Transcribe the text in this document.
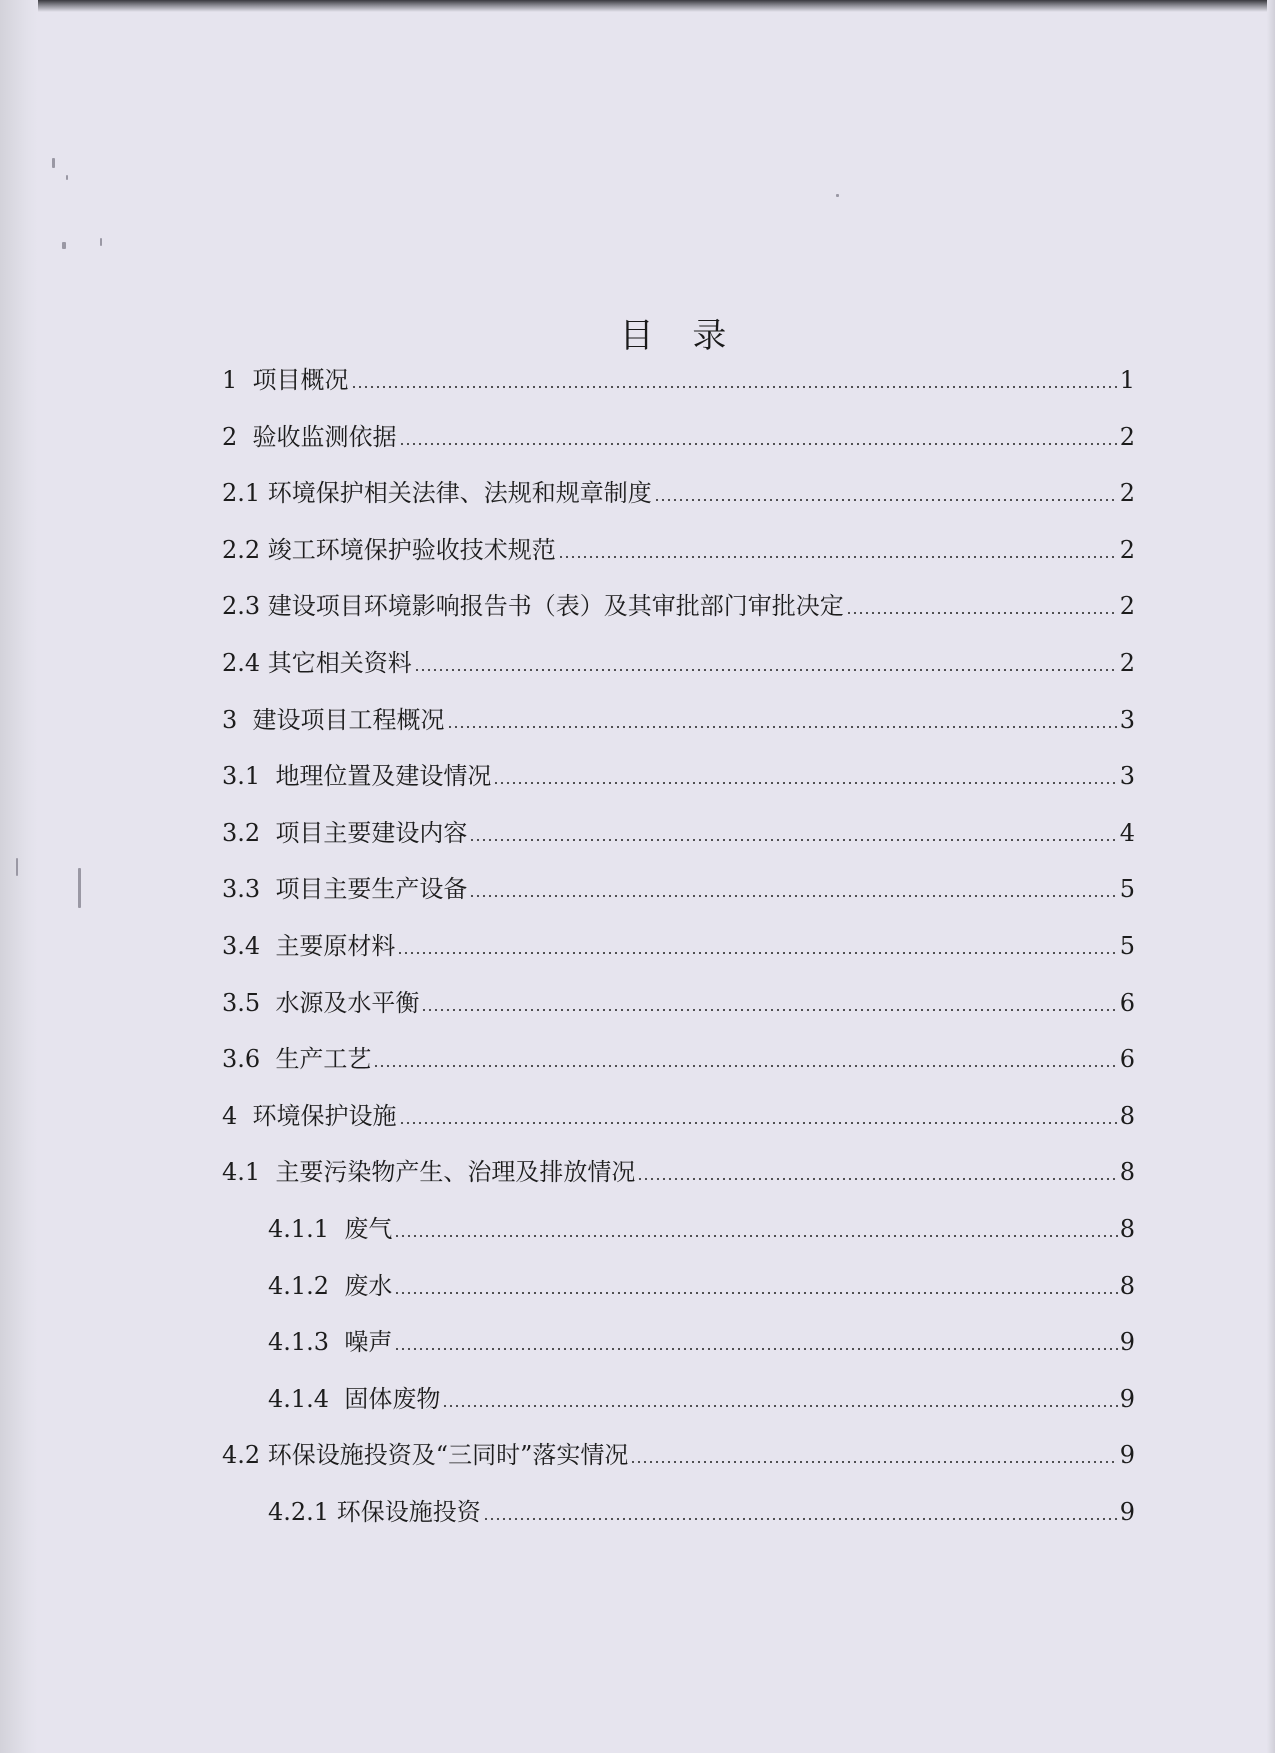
目 录
1 项目概况	1
2 验收监测依据	2
2.1 环境保护相关法律、法规和规章制度	2
2.2 竣工环境保护验收技术规范	2
2.3 建设项目环境影响报告书（表）及其审批部门审批决定	2
2.4 其它相关资料	2
3 建设项目工程概况	3
3.1 地理位置及建设情况	3
3.2 项目主要建设内容	4
3.3 项目主要生产设备	5
3.4 主要原材料	5
3.5 水源及水平衡	6
3.6 生产工艺	6
4 环境保护设施	8
4.1 主要污染物产生、治理及排放情况	8
4.1.1 废气	8
4.1.2 废水	8
4.1.3 噪声	9
4.1.4 固体废物	9
4.2 环保设施投资及“三同时”落实情况	9
4.2.1 环保设施投资	9
